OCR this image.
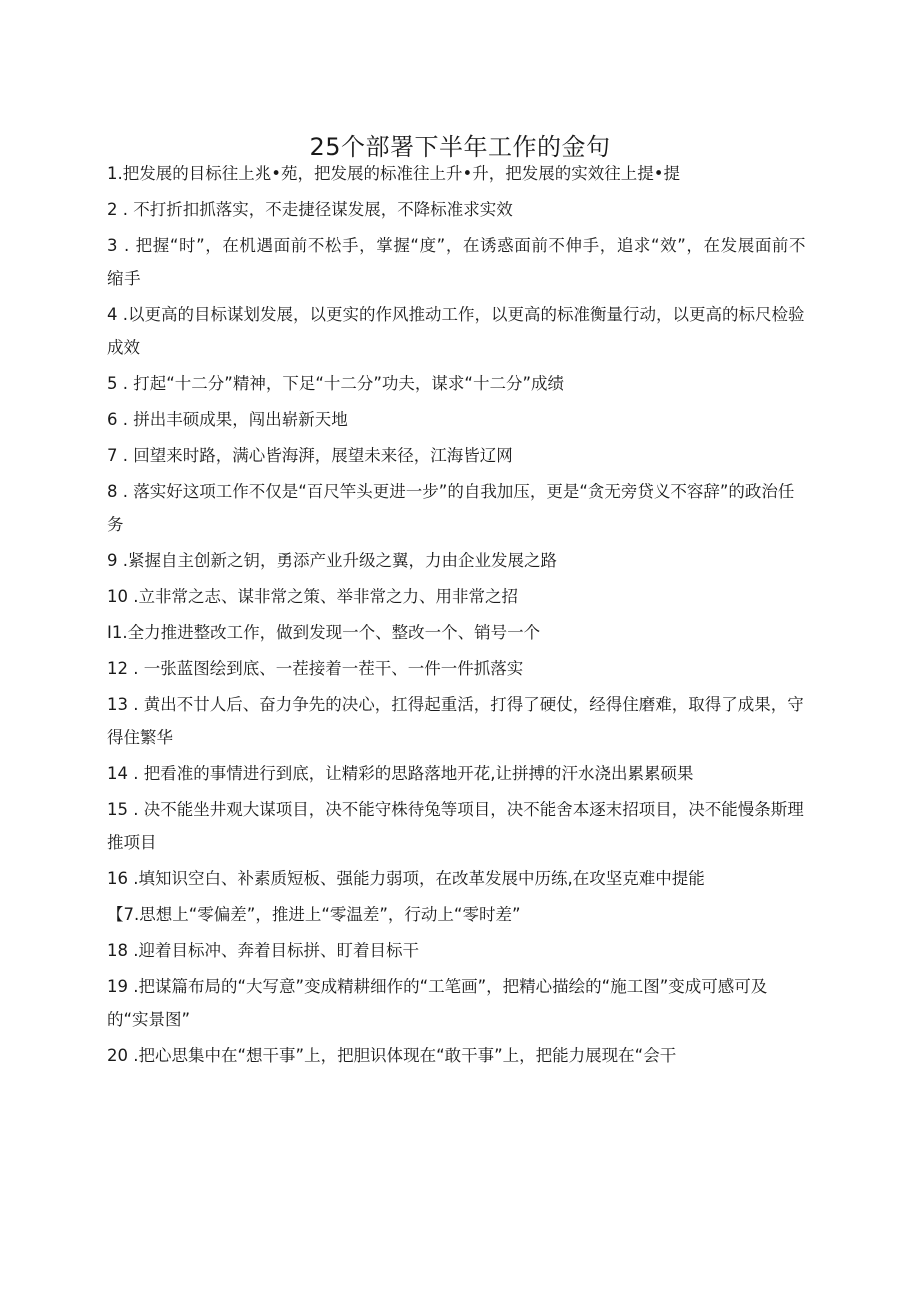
25个部署下半年工作的金句

1.把发展的目标往上兆•苑，把发展的标准往上升•升，把发展的实效往上提•提

2 . 不打折扣抓落实，不走捷径谋发展，不降标准求实效

3 . 把握“时”，在机遇面前不松手，掌握“度”，在诱惑面前不伸手，追求“效”，在发展面前不缩手

4 .以更高的目标谋划发展，以更实的作风推动工作，以更高的标准衡量行动，以更高的标尺检验成效

5 . 打起“十二分”精神，下足“十二分”功夫，谋求“十二分”成绩

6 . 拼出丰硕成果，闯出崭新天地

7 . 回望来时路，满心皆海湃，展望未来径，江海皆辽网

8 . 落实好这项工作不仅是“百尺竿头更进一步”的自我加压，更是“贪无旁贷义不容辞”的政治任务

9 .紧握自主创新之钥，勇添产业升级之翼，力由企业发展之路

10 .立非常之志、谋非常之策、举非常之力、用非常之招

I1.全力推进整改工作，做到发现一个、整改一个、销号一个

12 . 一张蓝图绘到底、一茬接着一茬干、一件一件抓落实

13 . 黄出不廿人后、奋力争先的决心，扛得起重活，打得了硬仗，经得住磨难，取得了成果，守得住繁华

14 . 把看准的事情进行到底，让精彩的思路落地开花,让拼搏的汗水浇出累累硕果

15 . 决不能坐井观大谋项目，决不能守株待兔等项目，决不能舍本逐末招项目，决不能慢条斯理推项目

16 .填知识空白、补素质短板、强能力弱项，在改革发展中历练,在攻坚克难中提能

【7.思想上“零偏差”，推进上“零温差”，行动上“零时差”

18 .迎着目标冲、奔着目标拼、盯着目标干

19 .把谋篇布局的“大写意”变成精耕细作的“工笔画”，把精心描绘的“施工图”变成可感可及的“实景图”

20 .把心思集中在“想干事”上，把胆识体现在“敢干事”上，把能力展现在“会干
